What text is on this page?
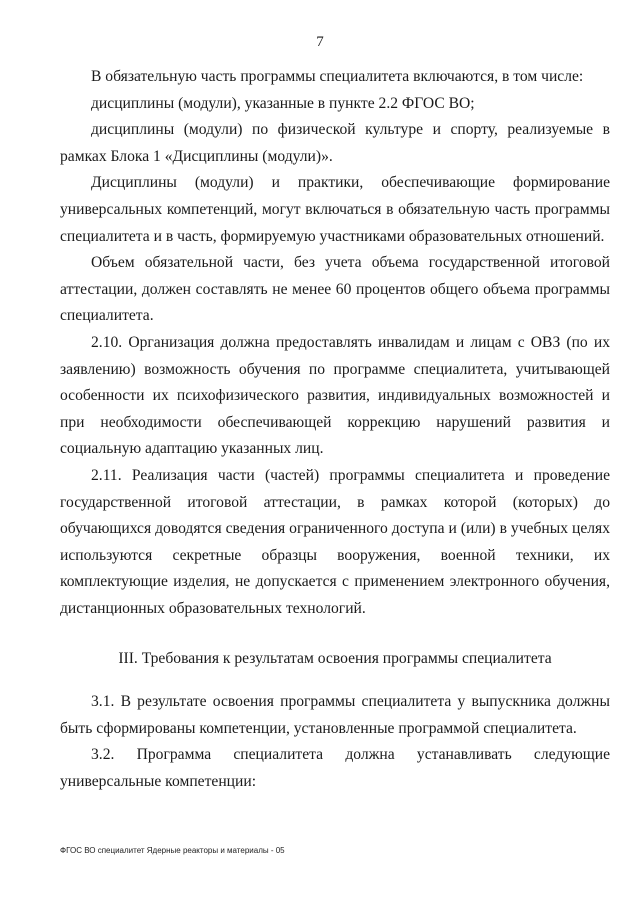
7

В обязательную часть программы специалитета включаются, в том числе:

дисциплины (модули), указанные в пункте 2.2 ФГОС ВО;

дисциплины (модули) по физической культуре и спорту, реализуемые в рамках Блока 1 «Дисциплины (модули)».

Дисциплины (модули) и практики, обеспечивающие формирование универсальных компетенций, могут включаться в обязательную часть программы специалитета и в часть, формируемую участниками образовательных отношений.

Объем обязательной части, без учета объема государственной итоговой аттестации, должен составлять не менее 60 процентов общего объема программы специалитета.

2.10. Организация должна предоставлять инвалидам и лицам с ОВЗ (по их заявлению) возможность обучения по программе специалитета, учитывающей особенности их психофизического развития, индивидуальных возможностей и при необходимости обеспечивающей коррекцию нарушений развития и социальную адаптацию указанных лиц.

2.11. Реализация части (частей) программы специалитета и проведение государственной итоговой аттестации, в рамках которой (которых) до обучающихся доводятся сведения ограниченного доступа и (или) в учебных целях используются секретные образцы вооружения, военной техники, их комплектующие изделия, не допускается с применением электронного обучения, дистанционных образовательных технологий.

III. Требования к результатам освоения программы специалитета

3.1. В результате освоения программы специалитета у выпускника должны быть сформированы компетенции, установленные программой специалитета.

3.2. Программа специалитета должна устанавливать следующие универсальные компетенции:

ФГОС ВО специалитет Ядерные реакторы и материалы - 05
